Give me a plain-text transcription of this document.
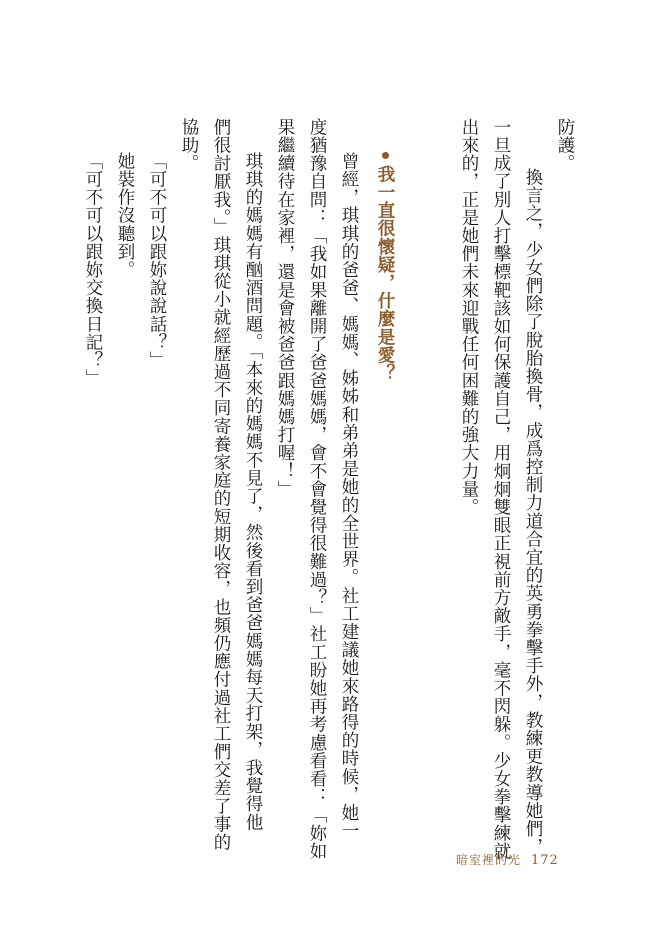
防護。
換言之，少女們除了脫胎換骨，成爲控制力道合宜的英勇拳擊手外，教練更教導她們，
一旦成了別人打擊標靶該如何保護自己，用炯炯雙眼正視前方敵手，毫不閃躲。少女拳擊練就
出來的，正是她們未來迎戰任何困難的強大力量。
我一直很懷疑，什麼是愛？
曾經，琪琪的爸爸、媽媽、姊姊和弟弟是她的全世界。社工建議她來路得的時候，她一
度猶豫自問：「我如果離開了爸爸媽媽，會不會覺得很難過？」社工盼她再考慮看看：「妳如
果繼續待在家裡，還是會被爸爸跟媽媽打喔！」
琪琪的媽媽有酗酒問題。「本來的媽媽不見了，然後看到爸爸媽媽每天打架，我覺得他
們很討厭我。」琪琪從小就經歷過不同寄養家庭的短期收容，也頻仍應付過社工們交差了事的
協助。
「可不可以跟妳說說話？」
她裝作沒聽到。
「可不可以跟妳交換日記？」
暗室裡的光 172
